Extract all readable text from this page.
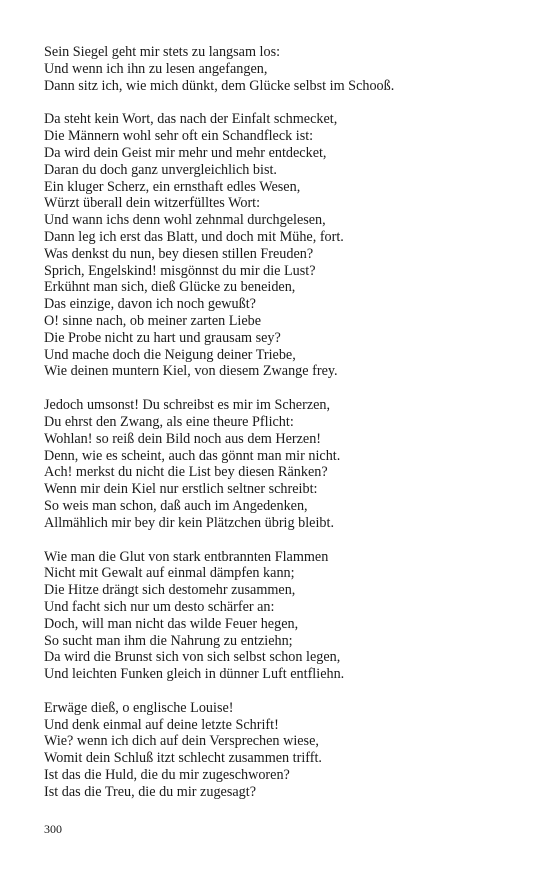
Sein Siegel geht mir stets zu langsam los:
Und wenn ich ihn zu lesen angefangen,
Dann sitz ich, wie mich dünkt, dem Glücke selbst im Schooß.
Da steht kein Wort, das nach der Einfalt schmecket,
Die Männern wohl sehr oft ein Schandfleck ist:
Da wird dein Geist mir mehr und mehr entdecket,
Daran du doch ganz unvergleichlich bist.
Ein kluger Scherz, ein ernsthaft edles Wesen,
Würzt überall dein witzerfülltes Wort:
Und wann ichs denn wohl zehnmal durchgelesen,
Dann leg ich erst das Blatt, und doch mit Mühe, fort.
Was denkst du nun, bey diesen stillen Freuden?
Sprich, Engelskind! misgönnst du mir die Lust?
Erkühnt man sich, dieß Glücke zu beneiden,
Das einzige, davon ich noch gewußt?
O! sinne nach, ob meiner zarten Liebe
Die Probe nicht zu hart und grausam sey?
Und mache doch die Neigung deiner Triebe,
Wie deinen muntern Kiel, von diesem Zwange frey.
Jedoch umsonst! Du schreibst es mir im Scherzen,
Du ehrst den Zwang, als eine theure Pflicht:
Wohlan! so reiß dein Bild noch aus dem Herzen!
Denn, wie es scheint, auch das gönnt man mir nicht.
Ach! merkst du nicht die List bey diesen Ränken?
Wenn mir dein Kiel nur erstlich seltner schreibt:
So weis man schon, daß auch im Angedenken,
Allmählich mir bey dir kein Plätzchen übrig bleibt.
Wie man die Glut von stark entbrannten Flammen
Nicht mit Gewalt auf einmal dämpfen kann;
Die Hitze drängt sich destomehr zusammen,
Und facht sich nur um desto schärfer an:
Doch, will man nicht das wilde Feuer hegen,
So sucht man ihm die Nahrung zu entziehn;
Da wird die Brunst sich von sich selbst schon legen,
Und leichten Funken gleich in dünner Luft entfliehn.
Erwäge dieß, o englische Louise!
Und denk einmal auf deine letzte Schrift!
Wie? wenn ich dich auf dein Versprechen wiese,
Womit dein Schluß itzt schlecht zusammen trifft.
Ist das die Huld, die du mir zugeschworen?
Ist das die Treu, die du mir zugesagt?
300
